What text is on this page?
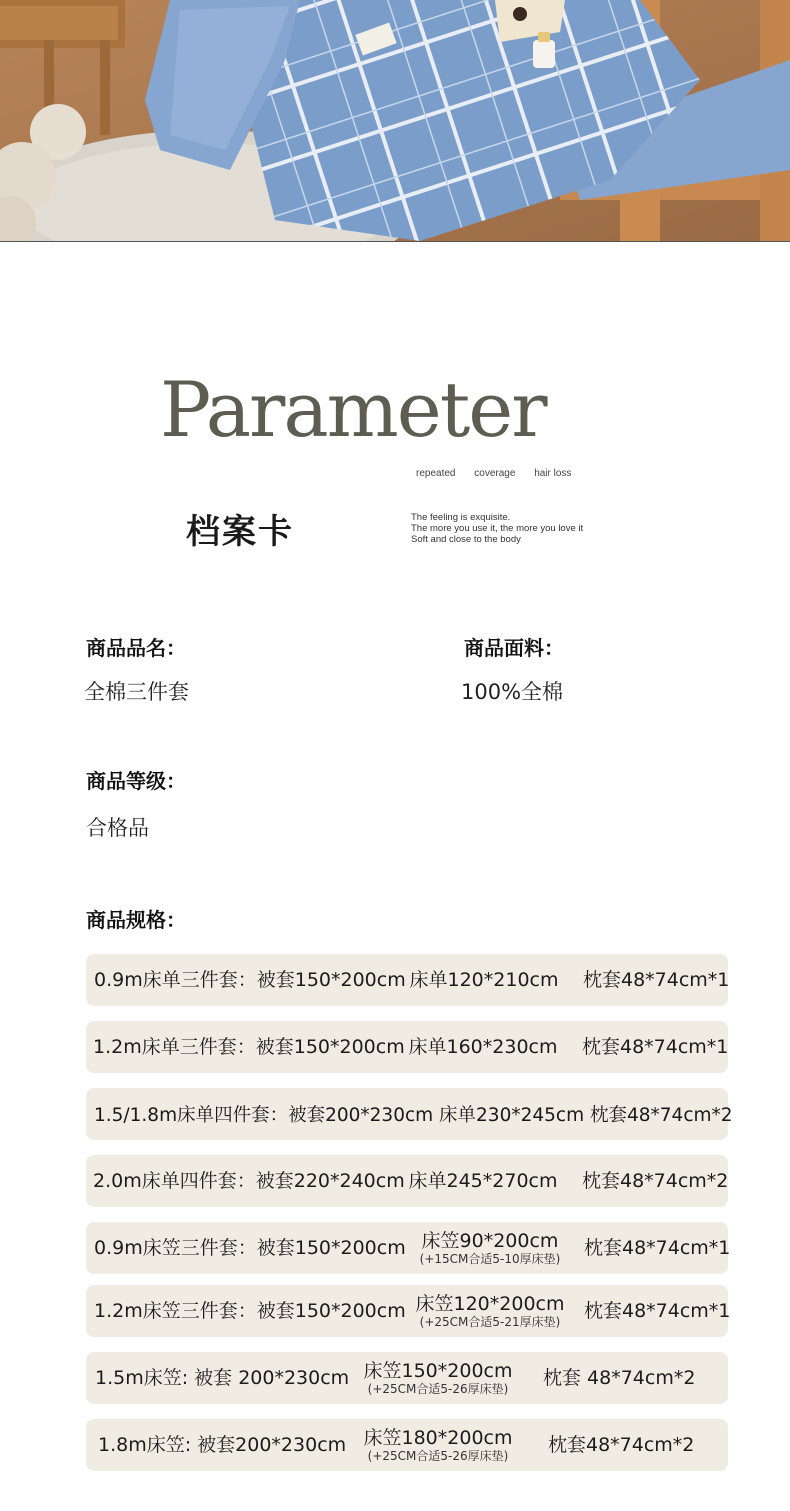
Parameter
repeated coverage hair loss
档案卡	The feeling is exquisite.
The more you use it, the more you love it
Soft and close to the body
商品品名：
全棉三件套
商品面料：
100%全棉
商品等级：
合格品
商品规格：
0.9m床单三件套：被套150*200cm 床单120*210cm 枕套48*74cm*1
1.2m床单三件套：被套150*200cm 床单160*230cm 枕套48*74cm*1
1.5/1.8m床单四件套：被套200*230cm 床单230*245cm 枕套48*74cm*2
2.0m床单四件套：被套220*240cm 床单245*270cm 枕套48*74cm*2
0.9m床笠三件套：被套150*200cm 床笠90*200cm
(+15CM合适5-10厚床垫) 枕套48*74cm*1
1.2m床笠三件套：被套150*200cm 床笠120*200cm
(+25CM合适5-21厚床垫) 枕套48*74cm*1
1.5m床笠: 被套 200*230cm 床笠150*200cm
(+25CM合适5-26厚床垫) 枕套 48*74cm*2
1.8m床笠: 被套200*230cm 床笠180*200cm
(+25CM合适5-26厚床垫) 枕套48*74cm*2
